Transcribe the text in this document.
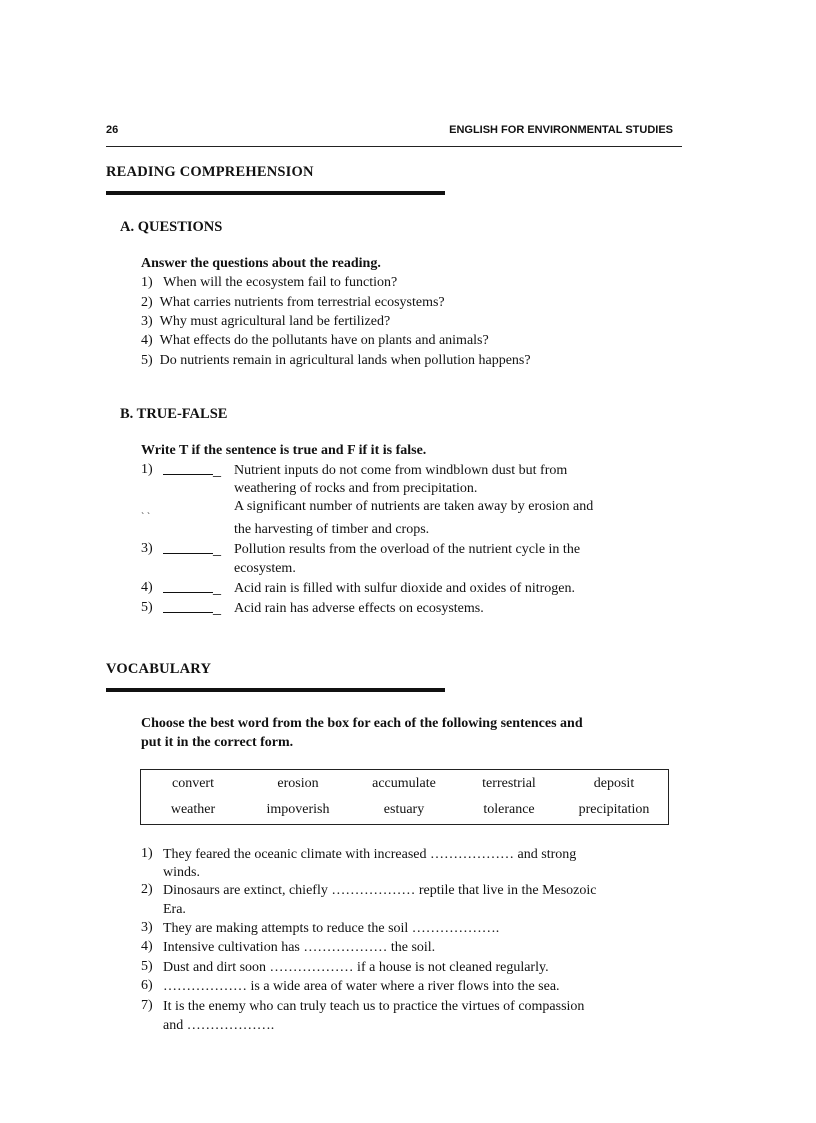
26	ENGLISH FOR ENVIRONMENTAL STUDIES
READING COMPREHENSION
A. QUESTIONS
Answer the questions about the reading.
1) When will the ecosystem fail to function?
2) What carries nutrients from terrestrial ecosystems?
3) Why must agricultural land be fertilized?
4) What effects do the pollutants have on plants and animals?
5) Do nutrients remain in agricultural lands when pollution happens?
B. TRUE-FALSE
Write T if the sentence is true and F if it is false.
1)	_ Nutrient inputs do not come from windblown dust but from
weathering of rocks and from precipitation.
` `
A significant number of nutrients are taken away by erosion and
the harvesting of timber and crops.
3)	_ Pollution results from the overload of the nutrient cycle in the
ecosystem.
4)	_ Acid rain is filled with sulfur dioxide and oxides of nitrogen.
5)	_ Acid rain has adverse effects on ecosystems.
VOCABULARY
Choose the best word from the box for each of the following sentences and
put it in the correct form.
convert	erosion	accumulate	terrestrial	deposit
weather	impoverish	estuary	tolerance	precipitation
1) They feared the oceanic climate with increased ……………… and strong
winds.
2) Dinosaurs are extinct, chiefly ……………… reptile that live in the Mesozoic
Era.
3) They are making attempts to reduce the soil ……………….
4) Intensive cultivation has ……………… the soil.
5) Dust and dirt soon ……………… if a house is not cleaned regularly.
6) ……………… is a wide area of water where a river flows into the sea.
7) It is the enemy who can truly teach us to practice the virtues of compassion
and ……………….
